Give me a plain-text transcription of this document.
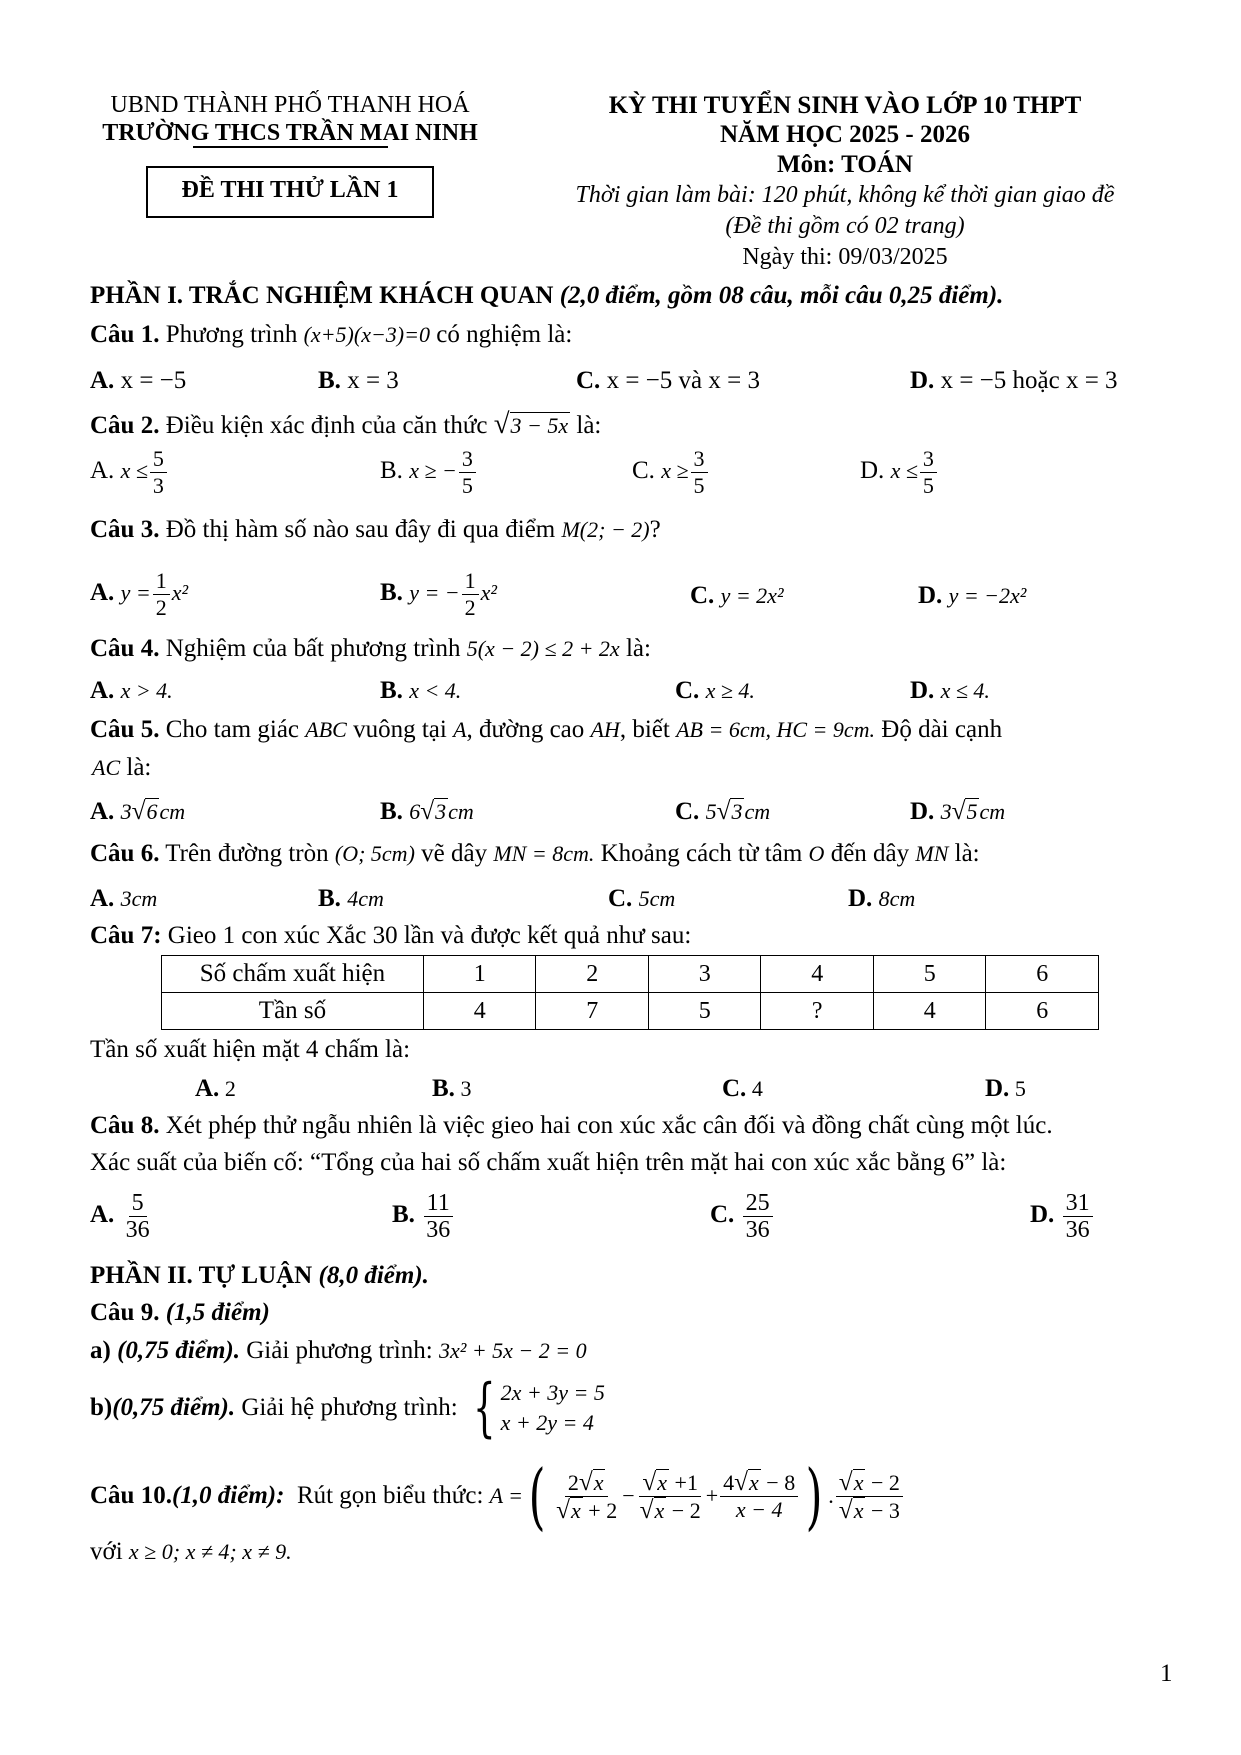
UBND THÀNH PHỐ THANH HOÁ
TRƯỜNG THCS TRẦN MAI NINH
ĐỀ THI THỬ LẦN 1
KỲ THI TUYỂN SINH VÀO LỚP 10 THPT
NĂM HỌC 2025 - 2026
Môn: TOÁN
Thời gian làm bài: 120 phút, không kể thời gian giao đề
(Đề thi gồm có 02 trang)
Ngày thi: 09/03/2025
PHẦN I. TRẮC NGHIỆM KHÁCH QUAN (2,0 điểm, gồm 08 câu, mỗi câu 0,25 điểm).
Câu 1. Phương trình (x+5)(x−3)=0 có nghiệm là:
A. x = −5	B. x = 3	C. x = −5 và x = 3	D. x = −5 hoặc x = 3
Câu 2. Điều kiện xác định của căn thức √3 − 5x là:
A. $x \le \frac{5}{3}$	B. x ≥ − $\frac{3}{5}$	C. $x \ge \frac{3}{5}$	D. $x \le \frac{3}{5}$
Câu 3. Đồ thị hàm số nào sau đây đi qua điểm M(2; − 2)?
A. $y = \frac{1}{2} x^2$	B. y = − $\frac{1}{2} x^2$	C. y = 2x²	D. y = −2x²
Câu 4. Nghiệm của bất phương trình 5(x − 2) ≤ 2 + 2x là:
A. x > 4.	B. x < 4.	C. x ≥ 4.	D. x ≤ 4.
Câu 5. Cho tam giác ABC vuông tại A, đường cao AH, biết AB = 6cm, HC = 9cm. Độ dài cạnh
AC là:
A. 3√6cm	B. 6√3cm	C. 5√3cm	D. 3√5cm
Câu 6. Trên đường tròn (O; 5cm) vẽ dây MN = 8cm. Khoảng cách từ tâm O đến dây MN là:
A. 3cm	B. 4cm	C. 5cm	D. 8cm
Câu 7: Gieo 1 con xúc Xắc 30 lần và được kết quả như sau:
Số chấm xuất hiện	1	2	3	4	5	6
Tần số	4	7	5	?	4	6
Tần số xuất hiện mặt 4 chấm là:
A. 2	B. 3	C. 4	D. 5
Câu 8. Xét phép thử ngẫu nhiên là việc gieo hai con xúc xắc cân đối và đồng chất cùng một lúc.
Xác suất của biến cố: “Tổng của hai số chấm xuất hiện trên mặt hai con xúc xắc bằng 6” là:
A. $\frac{5}{36}$	B. $\frac{11}{36}$	C. $\frac{25}{36}$	D. $\frac{31}{36}$
PHẦN II. TỰ LUẬN (8,0 điểm).
Câu 9. (1,5 điểm)
a) (0,75 điểm). Giải phương trình: 3x² + 5x − 2 = 0
b) (0,75 điểm). Giải hệ phương trình: { 2x + 3y = 5
x + 2y = 4
Câu 10. (1,0 điểm): Rút gọn biểu thức: A = ( $\frac{2√x}{√x + 2} - \frac{√x +1}{√x - 2} + \frac{4√x - 8}{x - 4}$ ) . $\frac{√x - 2}{√x - 3}$
với x ≥ 0; x ≠ 4; x ≠ 9.
1
